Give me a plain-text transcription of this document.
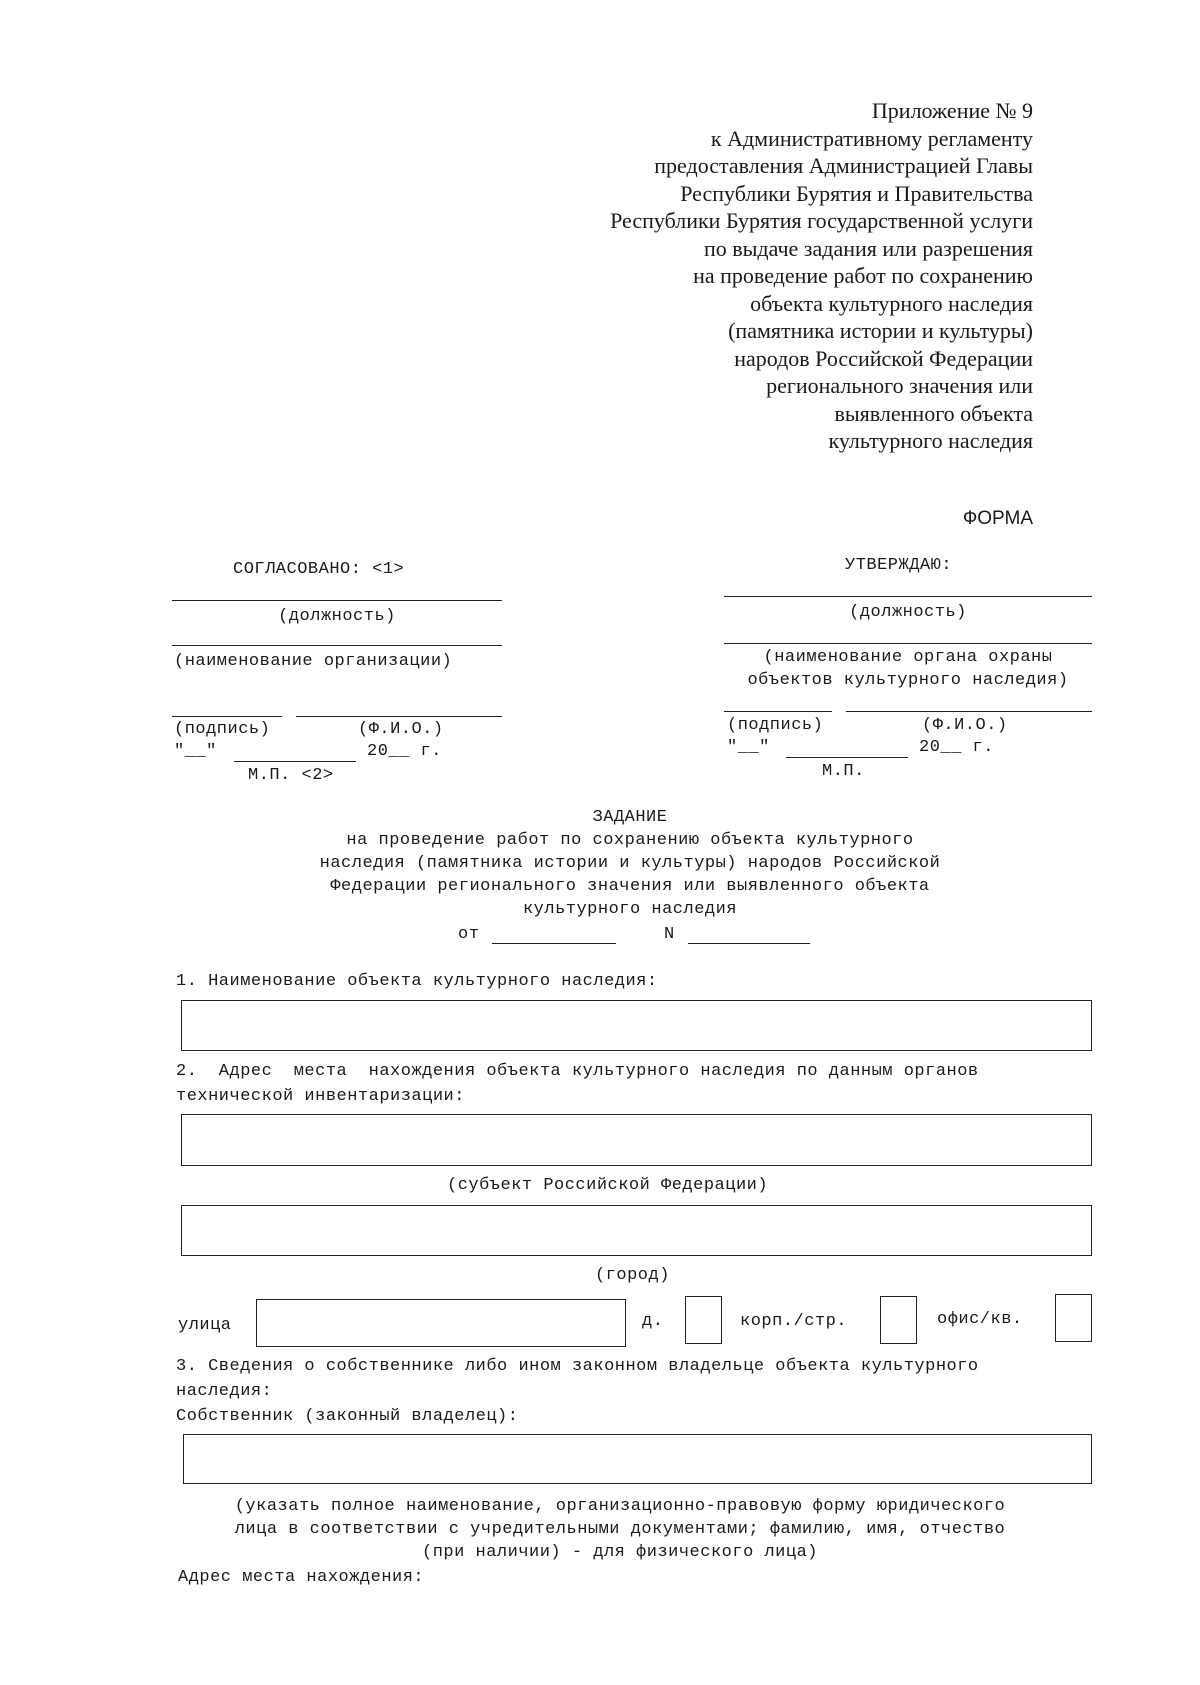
Приложение № 9
к Административному регламенту
предоставления Администрацией Главы
Республики Бурятия и Правительства
Республики Бурятия государственной услуги
по выдаче задания или разрешения
на проведение работ по сохранению
объекта культурного наследия
(памятника истории и культуры)
народов Российской Федерации
регионального значения или
выявленного объекта
культурного наследия
ФОРМА
СОГЛАСОВАНО: <1>
(должность)
(наименование организации)
(подпись)	(Ф.И.О.)
"__"	20__ г.
М.П. <2>
УТВЕРЖДАЮ:
(должность)
(наименование органа охраны
объектов культурного наследия)
(подпись)	(Ф.И.О.)
"__"	20__ г.
М.П.
ЗАДАНИЕ
на проведение работ по сохранению объекта культурного
наследия (памятника истории и культуры) народов Российской
Федерации регионального значения или выявленного объекта
культурного наследия
от	N
1. Наименование объекта культурного наследия:
2.  Адрес  места  нахождения объекта культурного наследия по данным органов
технической инвентаризации:
(субъект Российской Федерации)
(город)
улица	д.	корп./стр.	офис/кв.
3. Сведения о собственнике либо ином законном владельце объекта культурного
наследия:
Собственник (законный владелец):
(указать полное наименование, организационно-правовую форму юридического
лица в соответствии с учредительными документами; фамилию, имя, отчество
(при наличии) - для физического лица)
Адрес места нахождения:
